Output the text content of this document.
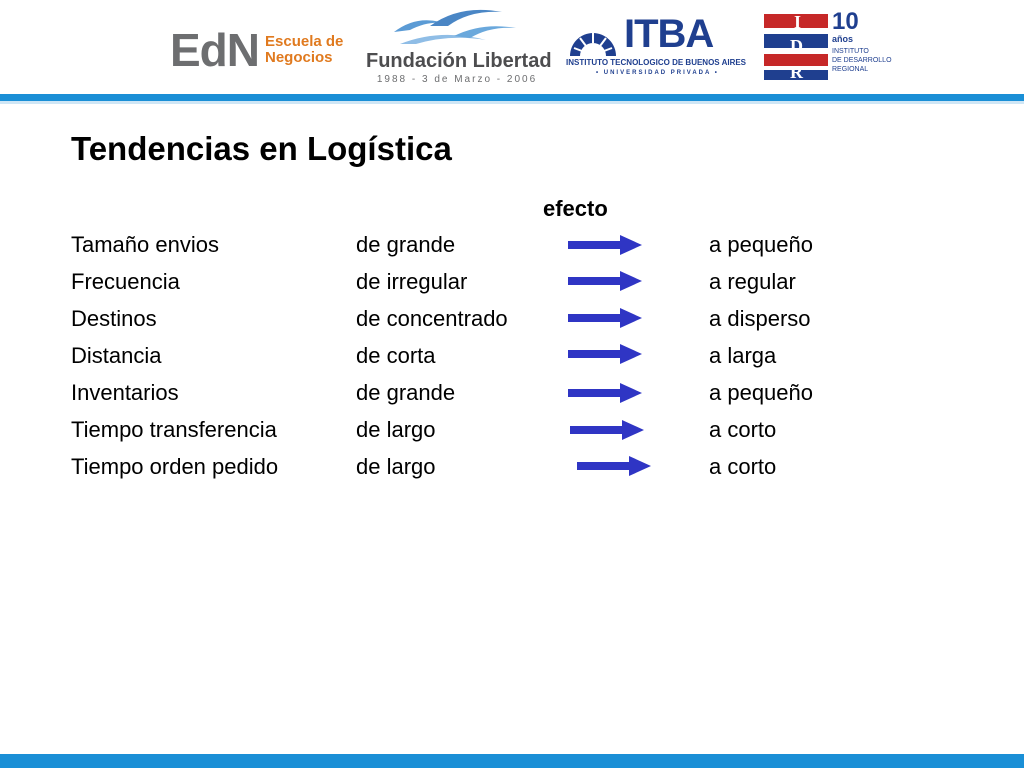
EdN Escuela de
Negocios	Fundación Libertad
1988 - 3 de Marzo - 2006
ITBA
INSTITUTO TECNOLOGICO DE BUENOS AIRES
• UNIVERSIDAD PRIVADA •
I
D
R
10
años
INSTITUTO
DE DESARROLLO
REGIONAL
Tendencias en Logística
efecto
Tamaño envios	de grande	a pequeño
Frecuencia	de irregular	a regular
Destinos	de concentrado	a disperso
Distancia	de corta	a larga
Inventarios	de grande	a pequeño
Tiempo transferencia	de largo	a corto
Tiempo orden pedido	de largo	a corto
